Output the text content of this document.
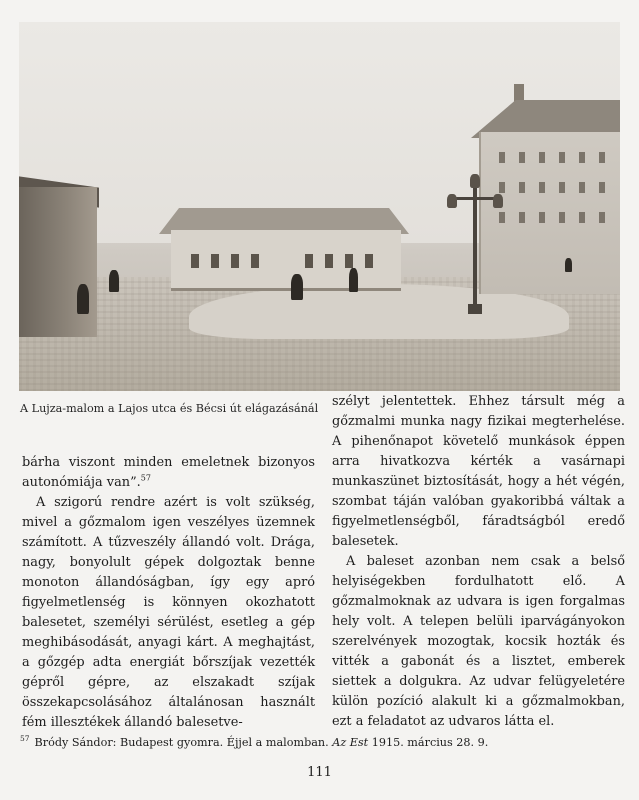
A Lujza-malom a Lajos utca és Bécsi út elágazásánál

bárha viszont minden emeletnek bizonyos autonómiája van”.$^{57}$

A szigorú rendre azért is volt szükség, mivel a gőzmalom igen veszélyes üzemnek számított. A tűzveszély állandó volt. Drága, nagy, bonyolult gépek dolgoztak benne monoton állandóságban, így egy apró figyelmetlenség is könnyen okozhatott balesetet, személyi sérülést, esetleg a gép meghibásodását, anyagi kárt. A meghajtást, a gőzgép adta energiát bőrszíjak vezették gépről gépre, az elszakadt szíjak összekapcsolásához általánosan használt fém illesztékek állandó balesetve-

szélyt jelentettek. Ehhez társult még a gőzmalmi munka nagy fizikai megterhelése. A pihenőnapot követelő munkások éppen arra hivatkozva kérték a vasárnapi munkaszünet biztosítását, hogy a hét végén, szombat táján valóban gyakoribbá váltak a figyelmetlenségből, fáradtságból eredő balesetek.

A baleset azonban nem csak a belső helyiségekben fordulhatott elő. A gőzmalmoknak az udvara is igen forgalmas hely volt. A telepen belüli iparvágányokon szerelvények mozogtak, kocsik hozták és vitték a gabonát és a lisztet, emberek siettek a dolgukra. Az udvar felügyeletére külön pozíció alakult ki a gőzmalmokban, ezt a feladatot az udvaros látta el.

$^{57}$ Bródy Sándor: Budapest gyomra. Éjjel a malomban. Az Est 1915. március 28. 9.
111
